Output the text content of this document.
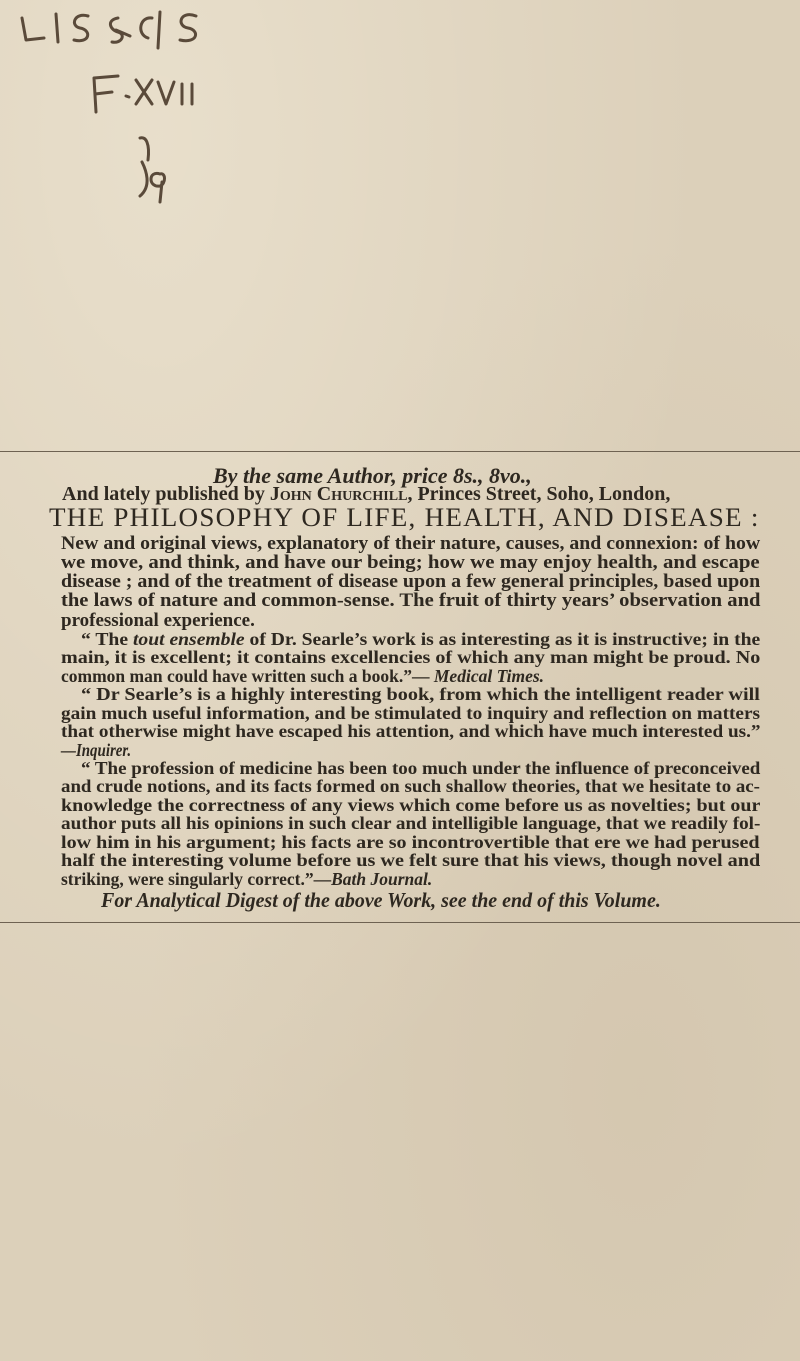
By the same Author, price 8s., 8vo.,
And lately published by John Churchill, Princes Street, Soho, London,
THE PHILOSOPHY OF LIFE, HEALTH, AND DISEASE :
New and original views, explanatory of their nature, causes, and connexion: of how
we move, and think, and have our being; how we may enjoy health, and escape
disease ; and of the treatment of disease upon a few general principles, based upon
the laws of nature and common-sense. The fruit of thirty years’ observation and
professional experience.
“ The tout ensemble of Dr. Searle’s work is as interesting as it is instructive; in the
main, it is excellent; it contains excellencies of which any man might be proud. No
common man could have written such a book.”— Medical Times.
“ Dr Searle’s is a highly interesting book, from which the intelligent reader will
gain much useful information, and be stimulated to inquiry and reflection on matters
that otherwise might have escaped his attention, and which have much interested us.”
—Inquirer.
“ The profession of medicine has been too much under the influence of preconceived
and crude notions, and its facts formed on such shallow theories, that we hesitate to ac-
knowledge the correctness of any views which come before us as novelties; but our
author puts all his opinions in such clear and intelligible language, that we readily fol-
low him in his argument; his facts are so incontrovertible that ere we had perused
half the interesting volume before us we felt sure that his views, though novel and
striking, were singularly correct.”—Bath Journal.
For Analytical Digest of the above Work, see the end of this Volume.
